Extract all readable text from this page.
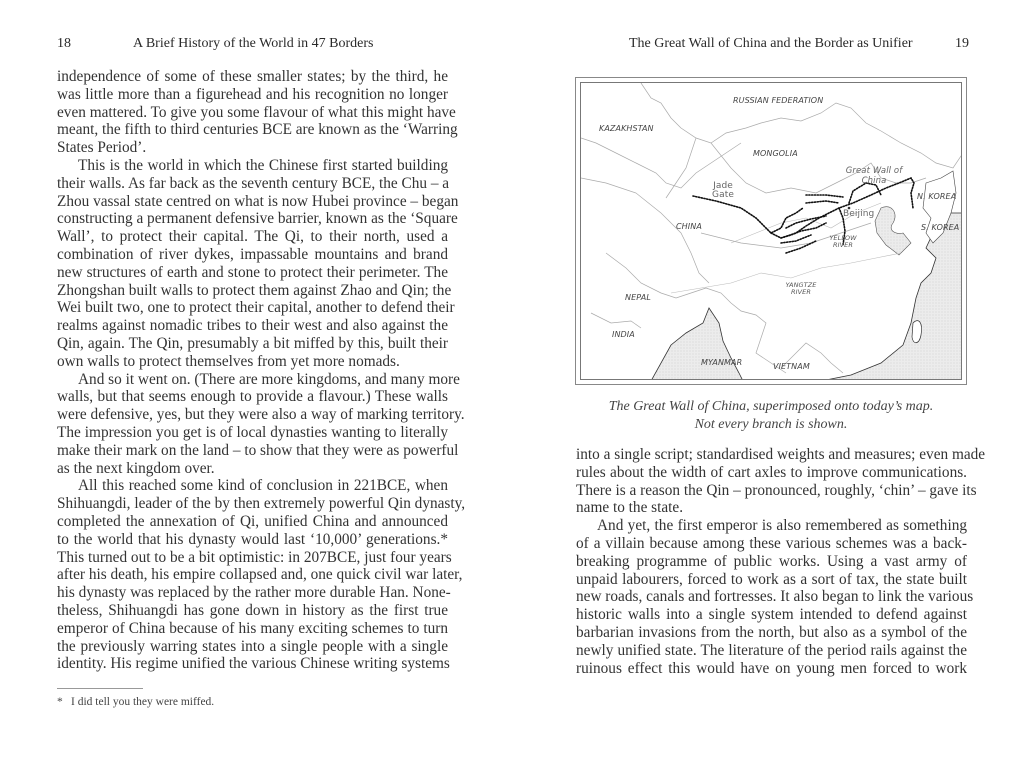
18	A Brief History of the World in 47 Borders
independence of some of these smaller states; by the third, he
was little more than a figurehead and his recognition no longer
even mattered. To give you some flavour of what this might have
meant, the fifth to third centuries BCE are known as the ‘Warring
States Period’.
This is the world in which the Chinese first started building
their walls. As far back as the seventh century BCE, the Chu – a
Zhou vassal state centred on what is now Hubei province – began
constructing a permanent defensive barrier, known as the ‘Square
Wall’, to protect their capital. The Qi, to their north, used a
combination of river dykes, impassable mountains and brand
new structures of earth and stone to protect their perimeter. The
Zhongshan built walls to protect them against Zhao and Qin; the
Wei built two, one to protect their capital, another to defend their
realms against nomadic tribes to their west and also against the
Qin, again. The Qin, presumably a bit miffed by this, built their
own walls to protect themselves from yet more nomads.
And so it went on. (There are more kingdoms, and many more
walls, but that seems enough to provide a flavour.) These walls
were defensive, yes, but they were also a way of marking territory.
The impression you get is of local dynasties wanting to literally
make their mark on the land – to show that they were as powerful
as the next kingdom over.
All this reached some kind of conclusion in 221BCE, when
Shihuangdi, leader of the by then extremely powerful Qin dynasty,
completed the annexation of Qi, unified China and announced
to the world that his dynasty would last ‘10,000’ generations.*
This turned out to be a bit optimistic: in 207BCE, just four years
after his death, his empire collapsed and, one quick civil war later,
his dynasty was replaced by the rather more durable Han. None-
theless, Shihuangdi has gone down in history as the first true
emperor of China because of his many exciting schemes to turn
the previously warring states into a single people with a single
identity. His regime unified the various Chinese writing systems
* I did tell you they were miffed.
The Great Wall of China and the Border as Unifier	19
RUSSIAN FEDERATION
KAZAKHSTAN
MONGOLIA
CHINA
Great Wall of China
Jade Gate
Beijing
N. KOREA
S. KOREA
YELLOW RIVER
YANGTZE RIVER
NEPAL
INDIA
MYANMAR	VIETNAM
The Great Wall of China, superimposed onto today’s map.
Not every branch is shown.
into a single script; standardised weights and measures; even made
rules about the width of cart axles to improve communications.
There is a reason the Qin – pronounced, roughly, ‘chin’ – gave its
name to the state.
And yet, the first emperor is also remembered as something
of a villain because among these various schemes was a back-
breaking programme of public works. Using a vast army of
unpaid labourers, forced to work as a sort of tax, the state built
new roads, canals and fortresses. It also began to link the various
historic walls into a single system intended to defend against
barbarian invasions from the north, but also as a symbol of the
newly unified state. The literature of the period rails against the
ruinous effect this would have on young men forced to work
